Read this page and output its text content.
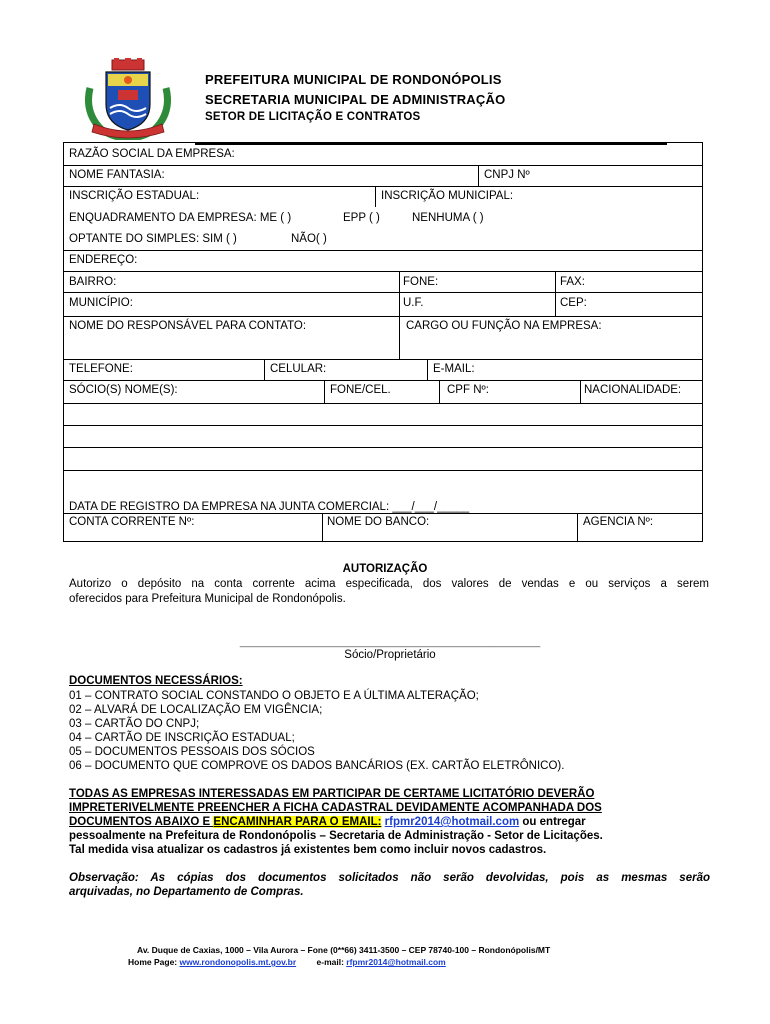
PREFEITURA MUNICIPAL DE RONDONÓPOLIS
SECRETARIA MUNICIPAL DE ADMINISTRAÇÃO
SETOR DE LICITAÇÃO E CONTRATOS
RAZÃO SOCIAL DA EMPRESA:
NOME FANTASIA:	CNPJ Nº
INSCRIÇÃO ESTADUAL:	INSCRIÇÃO MUNICIPAL:
ENQUADRAMENTO DA EMPRESA: ME ( )	EPP ( )	NENHUMA ( )
OPTANTE DO SIMPLES: SIM ( )	NÃO( )
ENDEREÇO:
BAIRRO:	FONE:	FAX:
MUNICÍPIO:	U.F.	CEP:
NOME DO RESPONSÁVEL PARA CONTATO:	CARGO OU FUNÇÃO NA EMPRESA:
TELEFONE:	CELULAR:	E-MAIL:
SÓCIO(S) NOME(S):	FONE/CEL.	CPF Nº:	NACIONALIDADE:
DATA DE REGISTRO DA EMPRESA NA JUNTA COMERCIAL: ___/___/_____
CONTA CORRENTE Nº:	NOME DO BANCO:	AGENCIA Nº:
AUTORIZAÇÃO
Autorizo o depósito na conta corrente acima especificada, dos valores de vendas e ou serviços a serem
oferecidos para Prefeitura Municipal de Rondonópolis.
______________________________________________________
Sócio/Proprietário
DOCUMENTOS NECESSÁRIOS:
01 – CONTRATO SOCIAL CONSTANDO O OBJETO E A ÚLTIMA ALTERAÇÃO;
02 – ALVARÁ DE LOCALIZAÇÃO EM VIGÊNCIA;
03 – CARTÃO DO CNPJ;
04 – CARTÃO DE INSCRIÇÃO ESTADUAL;
05 – DOCUMENTOS PESSOAIS DOS SÓCIOS
06 – DOCUMENTO QUE COMPROVE OS DADOS BANCÁRIOS (EX. CARTÃO ELETRÔNICO).
TODAS AS EMPRESAS INTERESSADAS EM PARTICIPAR DE CERTAME LICITATÓRIO DEVERÃO
IMPRETERIVELMENTE PREENCHER A FICHA CADASTRAL DEVIDAMENTE ACOMPANHADA DOS
DOCUMENTOS ABAIXO E ENCAMINHAR PARA O EMAIL: rfpmr2014@hotmail.com ou entregar
pessoalmente na Prefeitura de Rondonópolis – Secretaria de Administração - Setor de Licitações.
Tal medida visa atualizar os cadastros já existentes bem como incluir novos cadastros.
Observação: As cópias dos documentos solicitados não serão devolvidas, pois as mesmas serão
arquivadas, no Departamento de Compras.
Av. Duque de Caxias, 1000 – Vila Aurora – Fone (0**66) 3411-3500 – CEP 78740-100 – Rondonópolis/MT
Home Page: www.rondonopolis.mt.gov.br e-mail: rfpmr2014@hotmail.com
